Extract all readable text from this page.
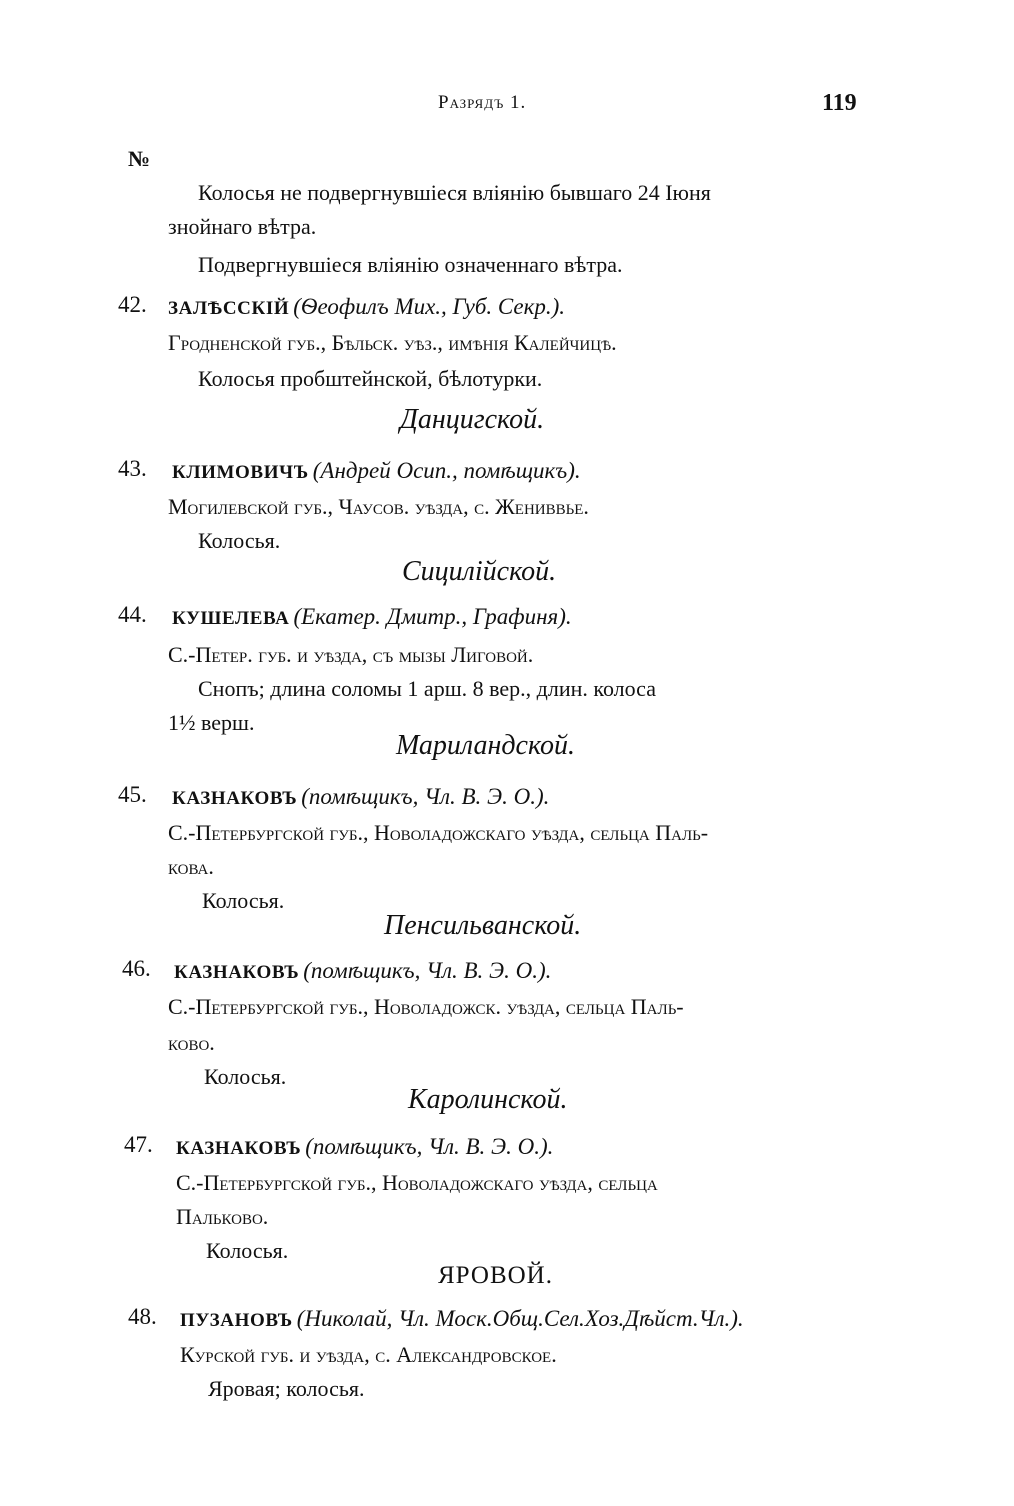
Разрядъ 1.	119
№
Колосья не подвергнувшіеся вліянію бывшаго 24 Іюня
знойнаго вѣтра.
Подвергнувшіеся вліянію означеннаго вѣтра.
42. ЗАЛѢССКІЙ (Ѳеофилъ Мих., Губ. Секр.).
Гродненской губ., Бѣльск. уѣз., имѣнія Калейчицѣ.
Колосья пробштейнской, бѣлотурки.
Данцигской.
43. КЛИМОВИЧЪ (Андрей Осип., помѣщикъ).
Могилевской губ., Чаусов. уѣзда, с. Жениввье.
Колосья.
Сицилійской.
44. КУШЕЛЕВА (Екатер. Дмитр., Графиня).
С.-Петер. губ. и уѣзда, съ мызы Лиговой.
Снопъ; длина соломы 1 арш. 8 вер., длин. колоса
1½ верш.
Мариландской.
45. КАЗНАКОВЪ (помѣщикъ, Чл. В. Э. О.).
С.-Петербургской губ., Новоладожскаго уѣзда, сельца Паль-
кова.
Колосья.
Пенсильванской.
46. КАЗНАКОВЪ (помѣщикъ, Чл. В. Э. О.).
С.-Петербургской губ., Новоладожск. уѣзда, сельца Паль-
ково.
Колосья.
Каролинской.
47. КАЗНАКОВЪ (помѣщикъ, Чл. В. Э. О.).
С.-Петербургской губ., Новоладожскаго уѣзда, сельца
Пальково.
Колосья.
ЯРОВОЙ.
48. ПУЗАНОВЪ (Николай, Чл. Моск.Общ.Сел.Хоз.Дѣйст.Чл.).
Курской губ. и уѣзда, с. Александровское.
Яровая; колосья.
